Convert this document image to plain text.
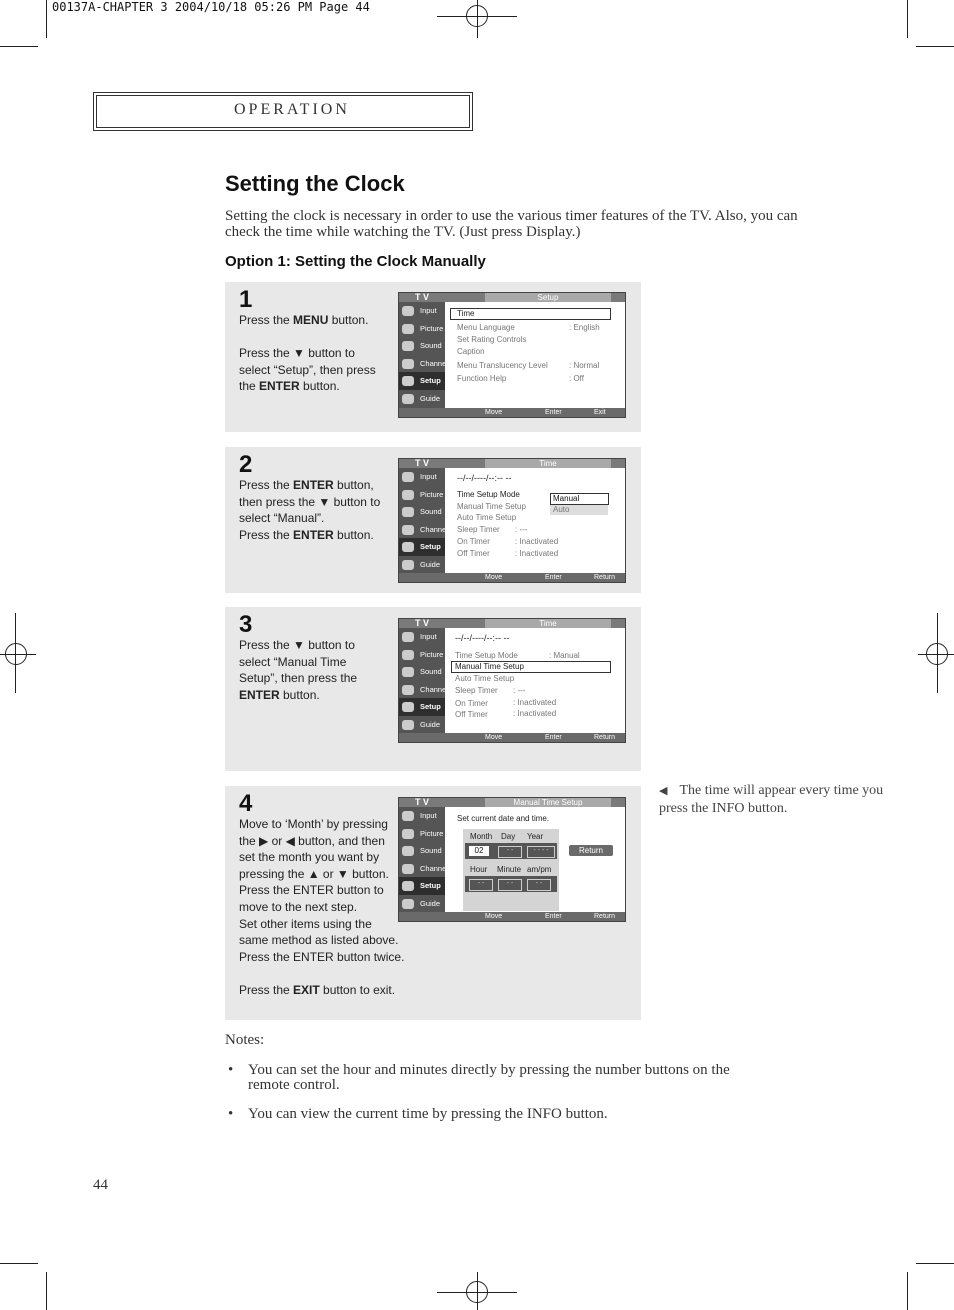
00137A-CHAPTER 3 2004/10/18 05:26 PM Page 44
OPERATION
Setting the Clock
Setting the clock is necessary in order to use the various timer features of the TV. Also, you can check the time while watching the TV. (Just press Display.)
Option 1: Setting the Clock Manually
1
Press the MENU button.

Press the ▼ button to
select “Setup”, then press
the ENTER button.
T V	Setup
Input
Picture
Sound
Channel
Setup
Guide
Time
Menu Language	: English
Set Rating Controls
Caption
Menu Translucency Level	: Normal
Function Help	: Off
Move	Enter	Exit
2
Press the ENTER button,
then press the ▼ button to
select “Manual”.
Press the ENTER button.
T V	Time
Input
Picture
Sound
Channel
Setup
Guide
--/--/----/--:-- --
Time Setup Mode
Manual Time Setup
Auto Time Setup
Sleep Timer : ---
On Timer	: Inactivated
Off Timer	: Inactivated
Manual
Auto
Move	Enter	Return
3
Press the ▼ button to
select “Manual Time
Setup”, then press the
ENTER button.
T V	Time
Input
Picture
Sound
Channel
Setup
Guide
--/--/----/--:-- --
Time Setup Mode	: Manual
Manual Time Setup
Auto Time Setup
Sleep Timer : ---
On Timer	: Inactivated
Off Timer	: Inactivated
Move	Enter	Return
4
Move to ‘Month’ by pressing
the ▶ or ◀ button, and then
set the month you want by
pressing the ▲ or ▼ button.
Press the ENTER button to
move to the next step.
Set other items using the
same method as listed above.
Press the ENTER button twice.

Press the EXIT button to exit.
T V	Manual Time Setup
Input
Picture
Sound
Channel
Setup
Guide
Set current date and time.
Month Day Year
02	- -	- - - -
Hour Minute am/pm
- -	- -	- -
Return
Move	Enter	Return
◀ The time will appear every time you press the INFO button.
Notes:
• You can set the hour and minutes directly by pressing the number buttons on the remote control.
• You can view the current time by pressing the INFO button.
44
